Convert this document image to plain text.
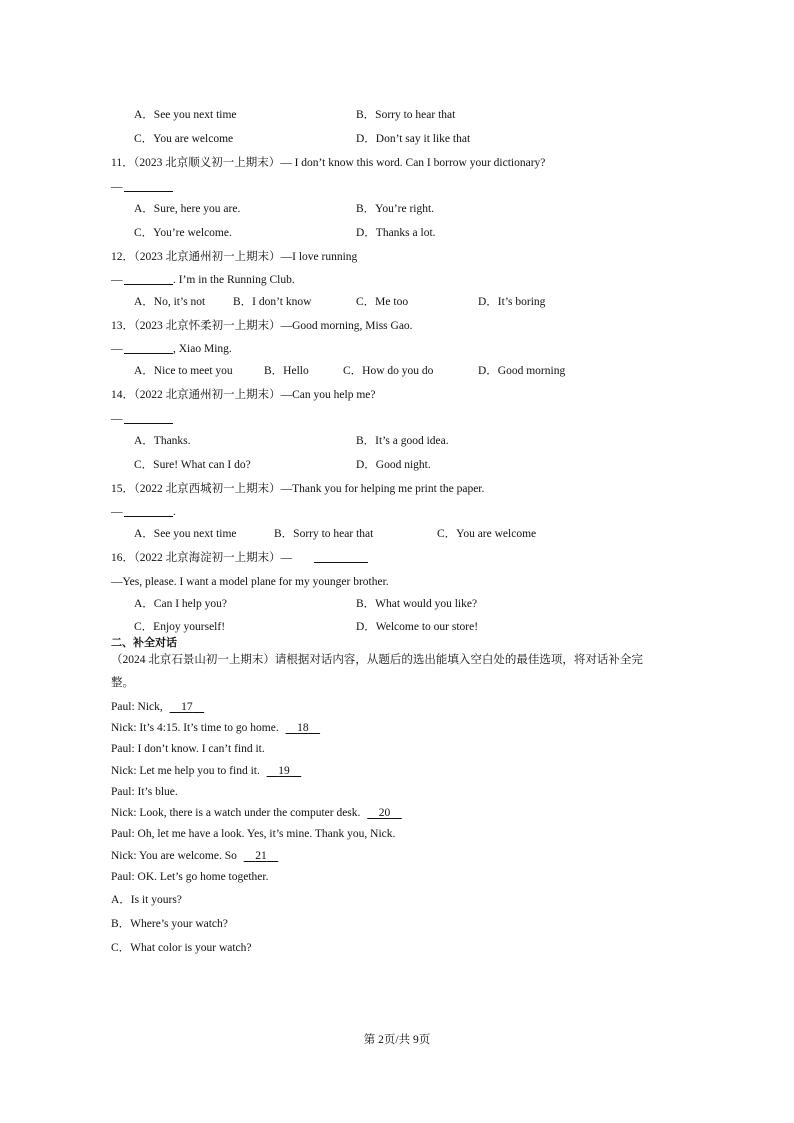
A．See you next time	B．Sorry to hear that
C．You are welcome	D．Don’t say it like that
11．（2023 北京顺义初一上期末）— I don’t know this word. Can I borrow your dictionary?
—
A．Sure, here you are.	B．You’re right.
C．You’re welcome.	D．Thanks a lot.
12．（2023 北京通州初一上期末）—I love running
—	. I’m in the Running Club.
A．No, it’s not B．I don’t know	C．Me too	D．It’s boring
13．（2023 北京怀柔初一上期末）—Good morning, Miss Gao.
—	, Xiao Ming.
A．Nice to meet you	B．Hello	C．How do you do	D．Good morning
14．（2022 北京通州初一上期末）—Can you help me?
—
A．Thanks.	B．It’s a good idea.
C．Sure! What can I do?	D．Good night.
15．（2022 北京西城初一上期末）—Thank you for helping me print the paper.
—	.
A．See you next time	B．Sorry to hear that	C．You are welcome
16．（2022 北京海淀初一上期末）—
—Yes, please. I want a model plane for my younger brother.
A．Can I help you?	B．What would you like?
C．Enjoy yourself!	D．Welcome to our store!
二、补全对话
（2024 北京石景山初一上期末）请根据对话内容，从题后的选出能填入空白处的最佳选项，将对话补全完
整。
Paul: Nick, 17
Nick: It’s 4:15. It’s time to go home. 18
Paul: I don’t know. I can’t find it.
Nick: Let me help you to find it. 19
Paul: It’s blue.
Nick: Look, there is a watch under the computer desk. 20
Paul: Oh, let me have a look. Yes, it’s mine. Thank you, Nick.
Nick: You are welcome. So 21
Paul: OK. Let’s go home together.
A．Is it yours?
B．Where’s your watch?
C．What color is your watch?
第 2页/共 9页
